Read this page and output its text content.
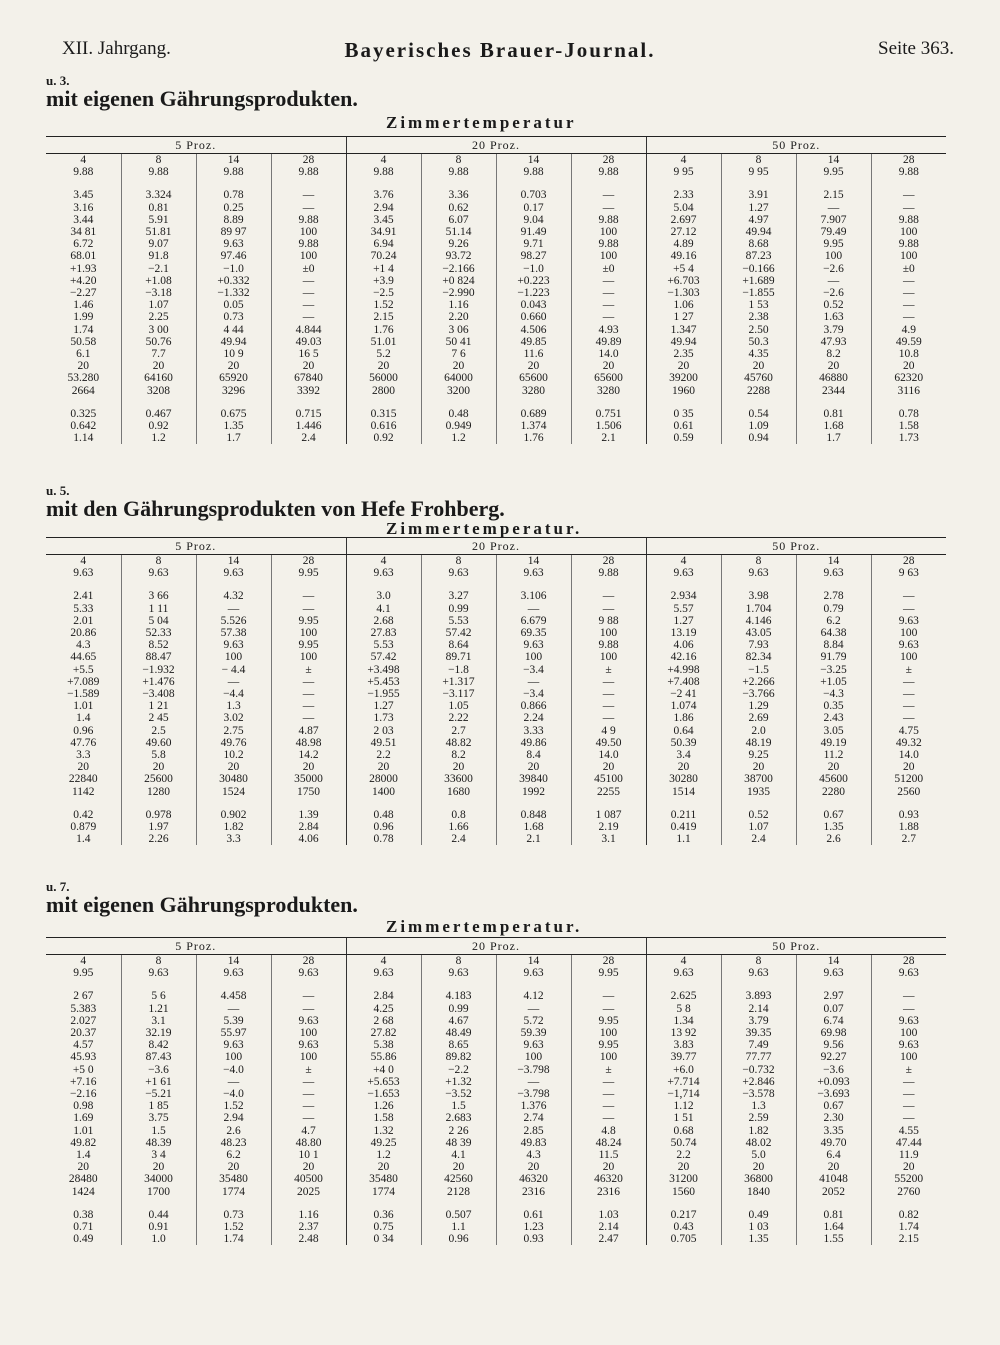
XII. Jahrgang.	Bayerisches Brauer-Journal.	Seite 363.
u. 3.
mit eigenen Gährungsprodukten.
Zimmertemperatur
5 Proz.				20 Proz.				50 Proz.			
4	8	14	28	4	8	14	28	4	8	14	28
9.88	9.88	9.88	9.88	9.88	9.88	9.88	9.88	9 95	9 95	9.95	9.88

3.45	3.324	0.78	—	3.76	3.36	0.703	—	2.33	3.91	2.15	—
3.16	0.81	0.25	—	2.94	0.62	0.17	—	5.04	1.27	—	—
3.44	5.91	8.89	9.88	3.45	6.07	9.04	9.88	2.697	4.97	7.907	9.88
34 81	51.81	89 97	100	34.91	51.14	91.49	100	27.12	49.94	79.49	100
6.72	9.07	9.63	9.88	6.94	9.26	9.71	9.88	4.89	8.68	9.95	9.88
68.01	91.8	97.46	100	70.24	93.72	98.27	100	49.16	87.23	100	100
+1.93	−2.1	−1.0	±0	+1 4	−2.166	−1.0	±0	+5 4	−0.166	−2.6	±0
+4.20	+1.08	+0.332	—	+3.9	+0 824	+0.223	—	+6.703	+1.689	—	—
−2.27	−3.18	−1.332	—	−2.5	−2.990	−1.223	—	−1.303	−1.855	−2.6	—
1.46	1.07	0.05	—	1.52	1.16	0.043	—	1.06	1 53	0.52	—
1.99	2.25	0.73	—	2.15	2.20	0.660	—	1 27	2.38	1.63	—
1.74	3 00	4 44	4.844	1.76	3 06	4.506	4.93	1.347	2.50	3.79	4.9
50.58	50.76	49.94	49.03	51.01	50 41	49.85	49.89	49.94	50.3	47.93	49.59
6.1	7.7	10 9	16 5	5.2	7 6	11.6	14.0	2.35	4.35	8.2	10.8
20	20	20	20	20	20	20	20	20	20	20	20
53.280	64160	65920	67840	56000	64000	65600	65600	39200	45760	46880	62320
2664	3208	3296	3392	2800	3200	3280	3280	1960	2288	2344	3116

0.325	0.467	0.675	0.715	0.315	0.48	0.689	0.751	0 35	0.54	0.81	0.78
0.642	0.92	1.35	1.446	0.616	0.949	1.374	1.506	0.61	1.09	1.68	1.58
1.14	1.2	1.7	2.4	0.92	1.2	1.76	2.1	0.59	0.94	1.7	1.73
u. 5.
mit den Gährungsprodukten von Hefe Frohberg.
Zimmertemperatur.
5 Proz.				20 Proz.				50 Proz.			
4	8	14	28	4	8	14	28	4	8	14	28
9.63	9.63	9.63	9.95	9.63	9.63	9.63	9.88	9.63	9.63	9.63	9 63

2.41	3 66	4.32	—	3.0	3.27	3.106	—	2.934	3.98	2.78	—
5.33	1 11	—	—	4.1	0.99	—	—	5.57	1.704	0.79	—
2.01	5 04	5.526	9.95	2.68	5.53	6.679	9 88	1.27	4.146	6.2	9.63
20.86	52.33	57.38	100	27.83	57.42	69.35	100	13.19	43.05	64.38	100
4.3	8.52	9.63	9.95	5.53	8.64	9.63	9.88	4.06	7.93	8.84	9.63
44.65	88.47	100	100	57.42	89.71	100	100	42.16	82.34	91.79	100
+5.5	−1.932	− 4.4	±	+3.498	−1.8	−3.4	±	+4.998	−1.5	−3.25	±
+7.089	+1.476	—	—	+5.453	+1.317	—	—	+7.408	+2.266	+1.05	—
−1.589	−3.408	−4.4	—	−1.955	−3.117	−3.4	—	−2 41	−3.766	−4.3	—
1.01	1 21	1.3	—	1.27	1.05	0.866	—	1.074	1.29	0.35	—
1.4	2 45	3.02	—	1.73	2.22	2.24	—	1.86	2.69	2.43	—
0.96	2.5	2.75	4.87	2 03	2.7	3.33	4 9	0.64	2.0	3.05	4.75
47.76	49.60	49.76	48.98	49.51	48.82	49.86	49.50	50.39	48.19	49.19	49.32
3.3	5.8	10.2	14.2	2.2	8.2	8.4	14.0	3.4	9.25	11.2	14.0
20	20	20	20	20	20	20	20	20	20	20	20
22840	25600	30480	35000	28000	33600	39840	45100	30280	38700	45600	51200
1142	1280	1524	1750	1400	1680	1992	2255	1514	1935	2280	2560

0.42	0.978	0.902	1.39	0.48	0.8	0.848	1 087	0.211	0.52	0.67	0.93
0.879	1.97	1.82	2.84	0.96	1.66	1.68	2.19	0.419	1.07	1.35	1.88
1.4	2.26	3.3	4.06	0.78	2.4	2.1	3.1	1.1	2.4	2.6	2.7
u. 7.
mit eigenen Gährungsprodukten.
Zimmertemperatur.
5 Proz.				20 Proz.				50 Proz.			
4	8	14	28	4	8	14	28	4	8	14	28
9.95	9.63	9.63	9.63	9.63	9.63	9.63	9.95	9.63	9.63	9.63	9.63

2 67	5 6	4.458	—	2.84	4.183	4.12	—	2.625	3.893	2.97	—
5.383	1.21	—	—	4.25	0.99	—	—	5 8	2.14	0.07	—
2.027	3.1	5.39	9.63	2 68	4.67	5.72	9.95	1.34	3.79	6.74	9.63
20.37	32.19	55.97	100	27.82	48.49	59.39	100	13 92	39.35	69.98	100
4.57	8.42	9.63	9.63	5.38	8.65	9.63	9.95	3.83	7.49	9.56	9.63
45.93	87.43	100	100	55.86	89.82	100	100	39.77	77.77	92.27	100
+5 0	−3.6	−4.0	±	+4 0	−2.2	−3.798	±	+6.0	−0.732	−3.6	±
+7.16	+1 61	—	—	+5.653	+1.32	—	—	+7.714	+2.846	+0.093	—
−2.16	−5.21	−4.0	—	−1.653	−3.52	−3.798	—	−1,714	−3.578	−3.693	—
0.98	1 85	1.52	—	1.26	1.5	1.376	—	1.12	1.3	0.67	—
1.69	3.75	2.94	—	1.58	2.683	2.74	—	1 51	2.59	2.30	—
1.01	1.5	2.6	4.7	1.32	2 26	2.85	4.8	0.68	1.82	3.35	4.55
49.82	48.39	48.23	48.80	49.25	48 39	49.83	48.24	50.74	48.02	49.70	47.44
1.4	3 4	6.2	10 1	1.2	4.1	4.3	11.5	2.2	5.0	6.4	11.9
20	20	20	20	20	20	20	20	20	20	20	20
28480	34000	35480	40500	35480	42560	46320	46320	31200	36800	41048	55200
1424	1700	1774	2025	1774	2128	2316	2316	1560	1840	2052	2760

0.38	0.44	0.73	1.16	0.36	0.507	0.61	1.03	0.217	0.49	0.81	0.82
0.71	0.91	1.52	2.37	0.75	1.1	1.23	2.14	0.43	1 03	1.64	1.74
0.49	1.0	1.74	2.48	0 34	0.96	0.93	2.47	0.705	1.35	1.55	2.15
